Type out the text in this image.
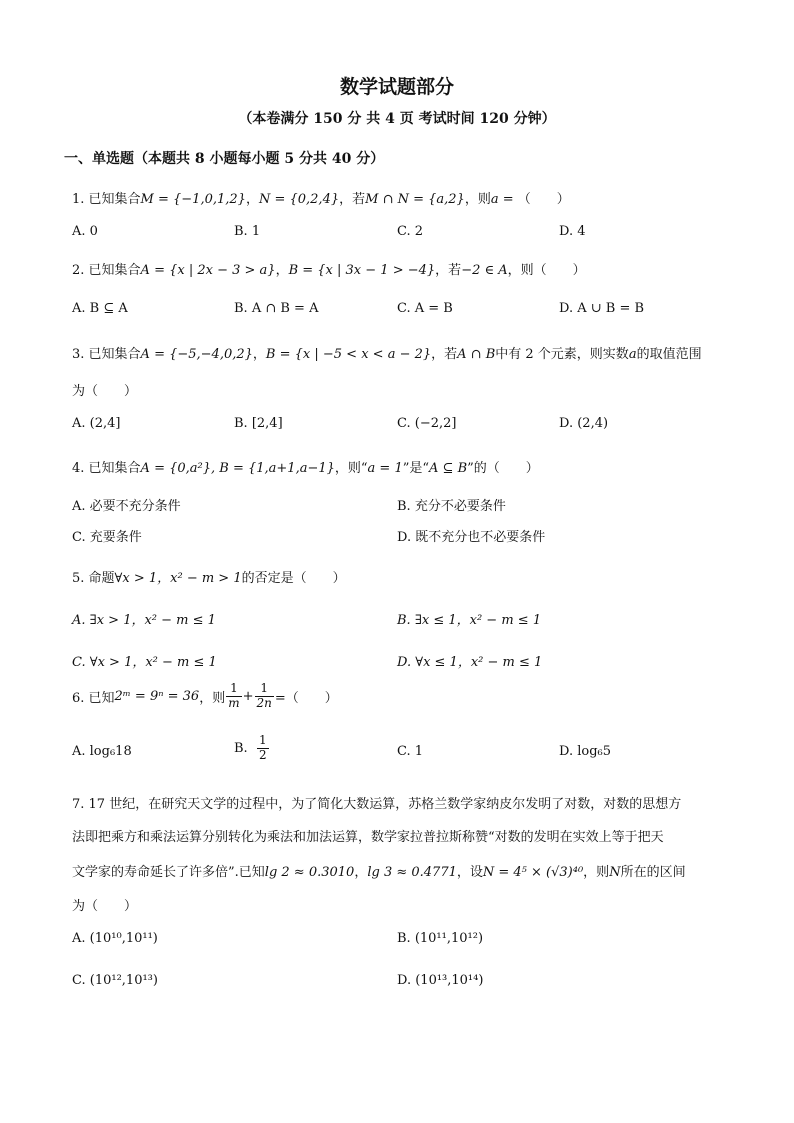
数学试题部分
（本卷满分 150 分 共 4 页 考试时间 120 分钟）
一、单选题（本题共 8 小题每小题 5 分共 40 分）
1. 已知集合M = {−1,0,1,2}，N = {0,2,4}，若M ∩ N = {a,2}，则a = （　　）
A. 0	B. 1	C. 2	D. 4
2. 已知集合A = {x | 2x − 3 > a}，B = {x | 3x − 1 > −4}，若−2 ∈ A，则（　　）
A. B ⊆ A	B. A ∩ B = A	C. A = B	D. A ∪ B = B
3. 已知集合A = {−5,−4,0,2}，B = {x | −5 < x < a − 2}，若A ∩ B中有 2 个元素，则实数a的取值范围
为（　　）
A. (2,4]	B. [2,4]	C. (−2,2]	D. (2,4)
4. 已知集合A = {0,a²}, B = {1,a+1,a−1}，则“a = 1”是“A ⊆ B”的（　　）
A. 必要不充分条件	B. 充分不必要条件
C. 充要条件	D. 既不充分也不必要条件
5. 命题∀x > 1，x² − m > 1的否定是（　　）
A. ∃x > 1，x² − m ≤ 1	B. ∃x ≤ 1，x² − m ≤ 1
C. ∀x > 1，x² − m ≤ 1	D. ∀x ≤ 1，x² − m ≤ 1
6. 已知2ᵐ = 9ⁿ = 36，则 $\frac{1}{m} + \frac{1}{2n}$ =（　　）
A. log₆18	B. $\frac{1}{2}$	C. 1	D. log₆5
7. 17 世纪，在研究天文学的过程中，为了简化大数运算，苏格兰数学家纳皮尔发明了对数，对数的思想方
法即把乘方和乘法运算分别转化为乘法和加法运算，数学家拉普拉斯称赞“对数的发明在实效上等于把天
文学家的寿命延长了许多倍”.已知lg 2 ≈ 0.3010，lg 3 ≈ 0.4771，设N = 4⁵ × (√3)⁴⁰，则N所在的区间
为（　　）
A. (10¹⁰,10¹¹)	B. (10¹¹,10¹²)
C. (10¹²,10¹³)	D. (10¹³,10¹⁴)
